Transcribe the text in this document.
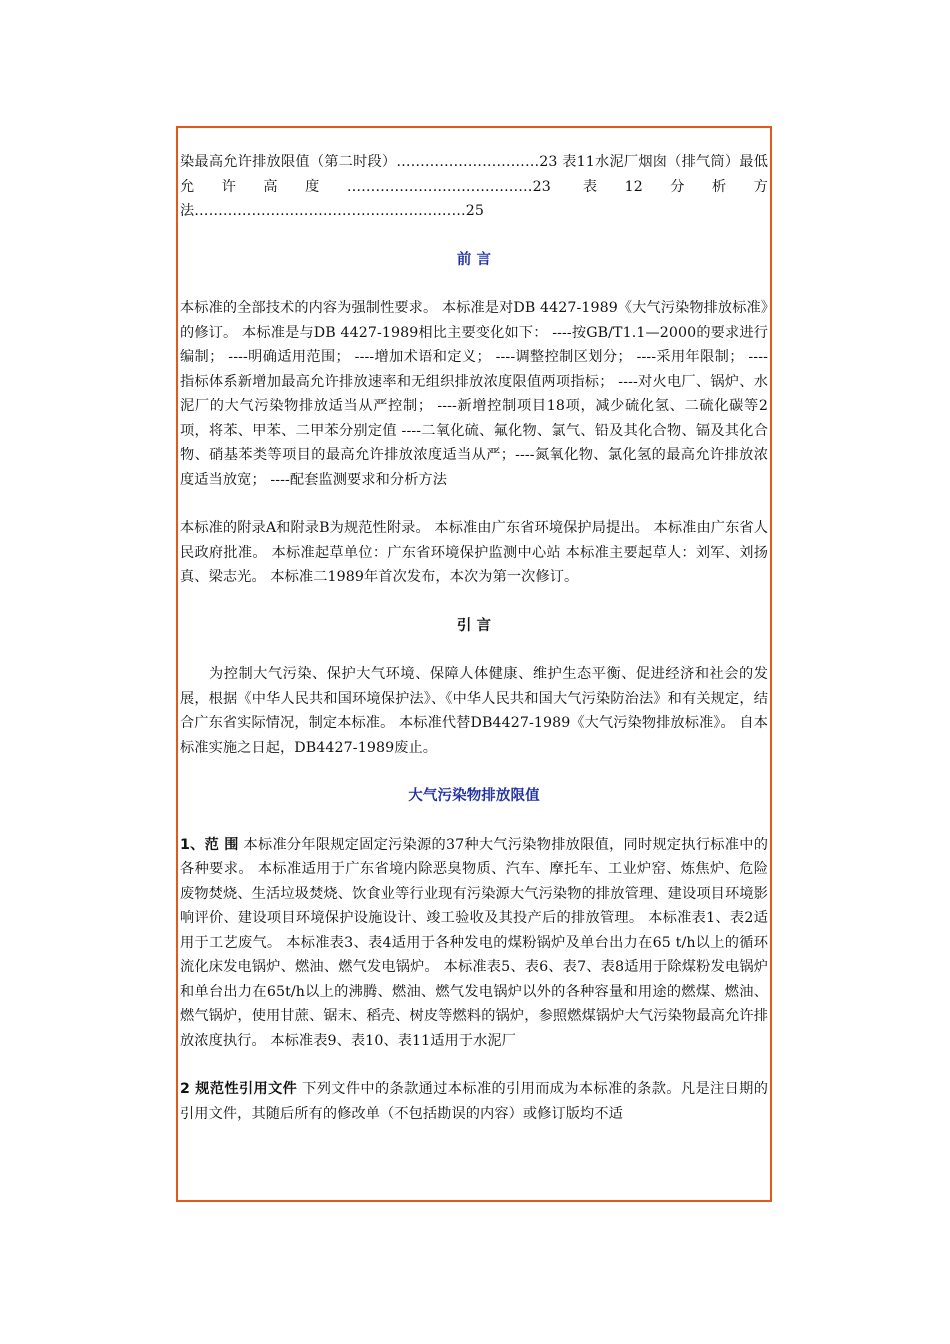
染最高允许排放限值（第二时段）…………………………23 表11水泥厂烟囱（排气筒）最低允许高度…………………………………23 表12分析方法…………………………………………………25

前 言

本标准的全部技术的内容为强制性要求。 本标准是对DB 4427-1989《大气污染物排放标准》的修订。 本标准是与DB 4427-1989相比主要变化如下： ----按GB/T1.1—2000的要求进行编制； ----明确适用范围； ----增加术语和定义； ----调整控制区划分； ----采用年限制； ----指标体系新增加最高允许排放速率和无组织排放浓度限值两项指标； ----对火电厂、锅炉、水泥厂的大气污染物排放适当从严控制； ----新增控制项目18项，减少硫化氢、二硫化碳等2项，将苯、甲苯、二甲苯分别定值 ----二氧化硫、氟化物、氯气、铅及其化合物、镉及其化合物、硝基苯类等项目的最高允许排放浓度适当从严；----氮氧化物、氯化氢的最高允许排放浓度适当放宽； ----配套监测要求和分析方法

本标准的附录A和附录B为规范性附录。 本标准由广东省环境保护局提出。 本标准由广东省人民政府批准。 本标准起草单位：广东省环境保护监测中心站 本标准主要起草人：刘军、刘扬真、梁志光。 本标准二1989年首次发布，本次为第一次修订。

引 言

为控制大气污染、保护大气环境、保障人体健康、维护生态平衡、促进经济和社会的发展，根据《中华人民共和国环境保护法》、《中华人民共和国大气污染防治法》和有关规定，结合广东省实际情况，制定本标准。 本标准代替DB4427-1989《大气污染物排放标准》。 自本标准实施之日起，DB4427-1989废止。

大气污染物排放限值

1、范 围 本标准分年限规定固定污染源的37种大气污染物排放限值，同时规定执行标准中的各种要求。 本标准适用于广东省境内除恶臭物质、汽车、摩托车、工业炉窑、炼焦炉、危险废物焚烧、生活垃圾焚烧、饮食业等行业现有污染源大气污染物的排放管理、建设项目环境影响评价、建设项目环境保护设施设计、竣工验收及其投产后的排放管理。 本标准表1、表2适用于工艺废气。 本标准表3、表4适用于各种发电的煤粉锅炉及单台出力在65 t/h以上的循环流化床发电锅炉、燃油、燃气发电锅炉。 本标准表5、表6、表7、表8适用于除煤粉发电锅炉和单台出力在65t/h以上的沸腾、燃油、燃气发电锅炉以外的各种容量和用途的燃煤、燃油、燃气锅炉，使用甘蔗、锯末、稻壳、树皮等燃料的锅炉，参照燃煤锅炉大气污染物最高允许排放浓度执行。 本标准表9、表10、表11适用于水泥厂

2 规范性引用文件 下列文件中的条款通过本标准的引用而成为本标准的条款。凡是注日期的引用文件，其随后所有的修改单（不包括勘误的内容）或修订版均不适
